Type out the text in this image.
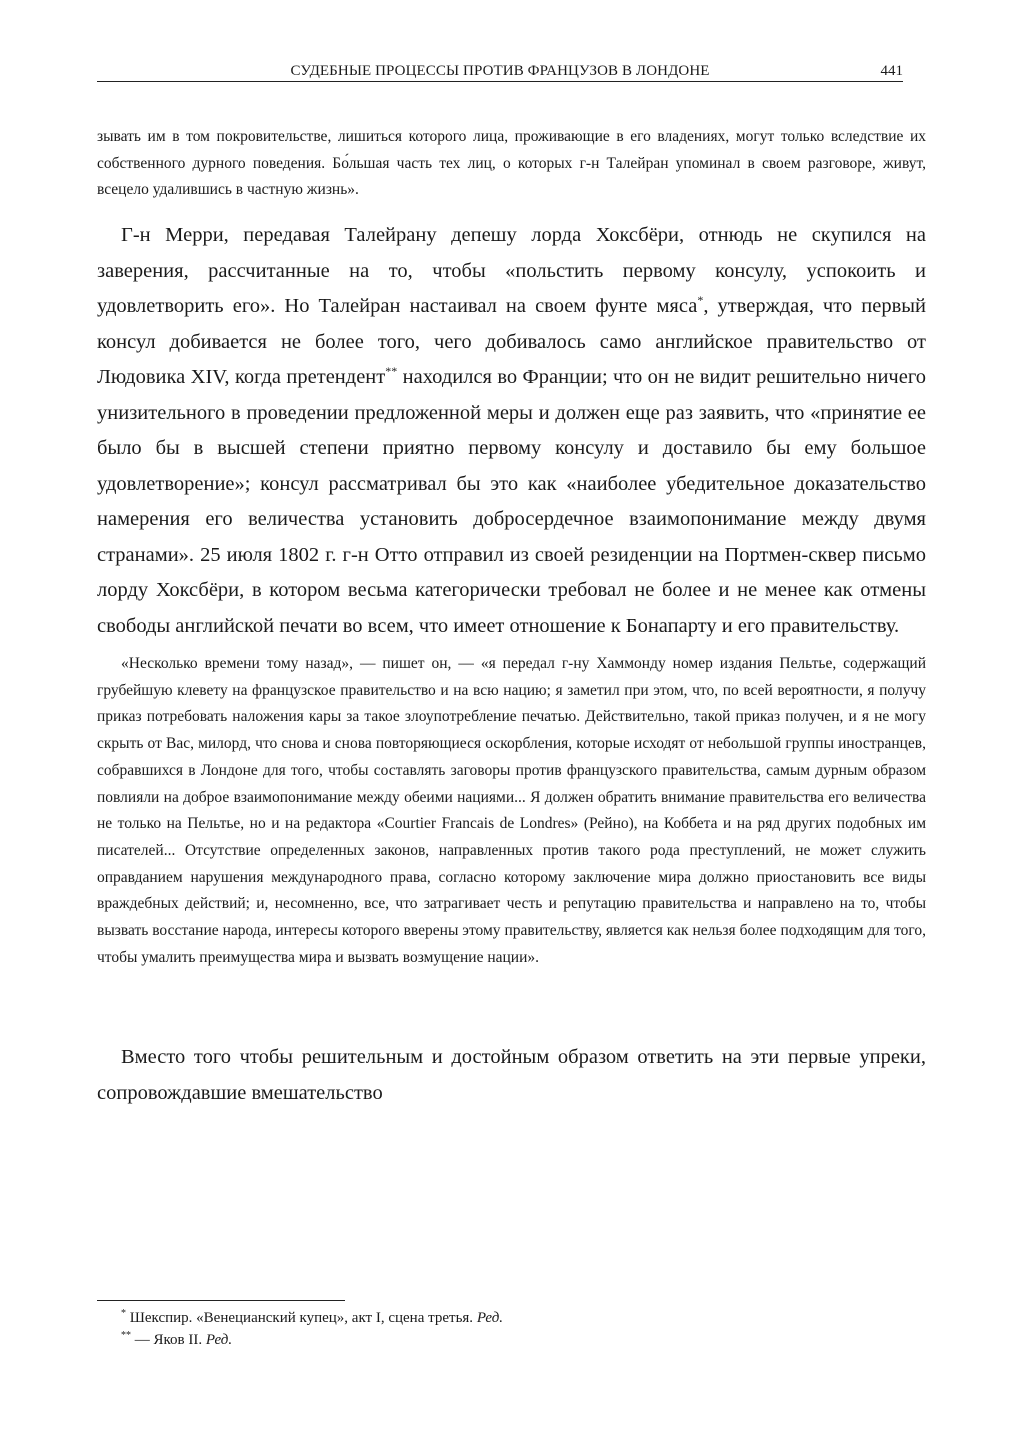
СУДЕБНЫЕ ПРОЦЕССЫ ПРОТИВ ФРАНЦУЗОВ В ЛОНДОНЕ	441

зывать им в том покровительстве, лишиться которого лица, проживающие в его владениях, могут только вследствие их собственного дурного поведения. Бо́льшая часть тех лиц, о которых г-н Талейран упоминал в своем разговоре, живут, всецело удалившись в частную жизнь».

Г-н Мерри, передавая Талейрану депешу лорда Хоксбёри, отнюдь не скупился на заверения, рассчитанные на то, чтобы «польстить первому консулу, успокоить и удовлетворить его». Но Талейран настаивал на своем фунте мяса*, утверждая, что первый консул добивается не более того, чего добивалось само английское правительство от Людовика XIV, когда претендент** находился во Франции; что он не видит решительно ничего унизительного в проведении предложенной меры и должен еще раз заявить, что «принятие ее было бы в высшей степени приятно первому консулу и доставило бы ему большое удовлетворение»; консул рассматривал бы это как «наиболее убедительное доказательство намерения его величества установить добросердечное взаимопонимание между двумя странами». 25 июля 1802 г. г-н Отто отправил из своей резиденции на Портмен-сквер письмо лорду Хоксбёри, в котором весьма категорически требовал не более и не менее как отмены свободы английской печати во всем, что имеет отношение к Бонапарту и его правительству.

«Несколько времени тому назад», — пишет он, — «я передал г-ну Хаммонду номер издания Пельтье, содержащий грубейшую клевету на французское правительство и на всю нацию; я заметил при этом, что, по всей вероятности, я получу приказ потребовать наложения кары за такое злоупотребление печатью. Действительно, такой приказ получен, и я не могу скрыть от Вас, милорд, что снова и снова повторяющиеся оскорбления, которые исходят от небольшой группы иностранцев, собравшихся в Лондоне для того, чтобы составлять заговоры против французского правительства, самым дурным образом повлияли на доброе взаимопонимание между обеими нациями... Я должен обратить внимание правительства его величества не только на Пельтье, но и на редактора «Courtier Francais de Londres» (Рейно), на Коббета и на ряд других подобных им писателей... Отсутствие определенных законов, направленных против такого рода преступлений, не может служить оправданием нарушения международного права, согласно которому заключение мира должно приостановить все виды враждебных действий; и, несомненно, все, что затрагивает честь и репутацию правительства и направлено на то, чтобы вызвать восстание народа, интересы которого вверены этому правительству, является как нельзя более подходящим для того, чтобы умалить преимущества мира и вызвать возмущение нации».

Вместо того чтобы решительным и достойным образом ответить на эти первые упреки, сопровождавшие вмешательство

* Шекспир. «Венецианский купец», акт I, сцена третья. Ред.
** — Яков II. Ред.
